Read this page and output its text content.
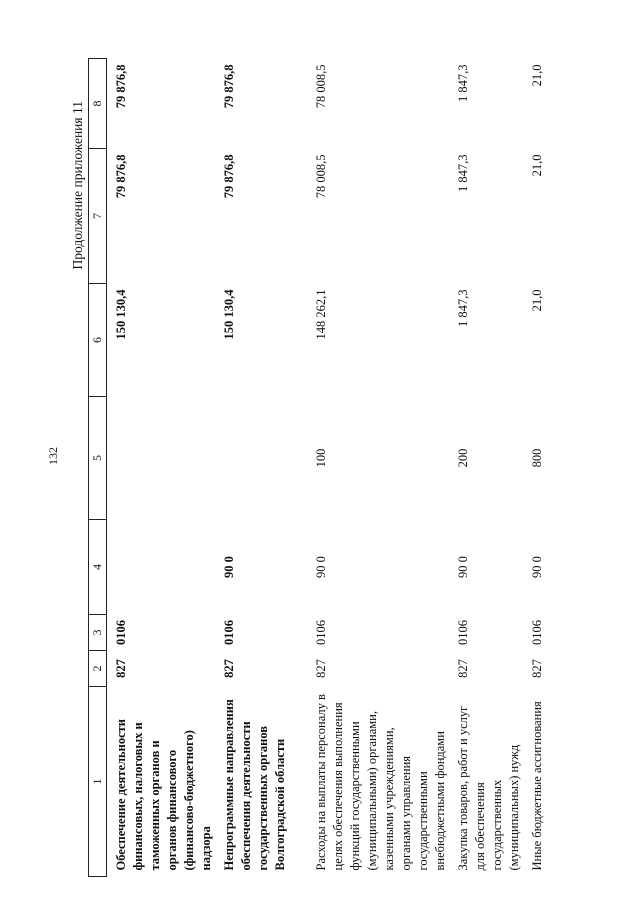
132
Продолжение приложения 11
1	2	3	4	5	6	7	8
Обеспечение деятельности финансовых, налоговых и таможенных органов и органов финансового (финансово-бюджетного) надзора	827	0106			150 130,4	79 876,8	79 876,8
Непрограммные направления обеспечения деятельности государственных органов Волгоградской области	827	0106	90 0		150 130,4	79 876,8	79 876,8
Расходы на выплаты персоналу в целях обеспечения выполнения функций государственными (муниципальными) органами, казенными учреждениями, органами управления государственными внебюджетными фондами	827	0106	90 0	100	148 262,1	78 008,5	78 008,5
Закупка товаров, работ и услуг для обеспечения государственных (муниципальных) нужд	827	0106	90 0	200	1 847,3	1 847,3	1 847,3
Иные бюджетные ассигнования	827	0106	90 0	800	21,0	21,0	21,0
